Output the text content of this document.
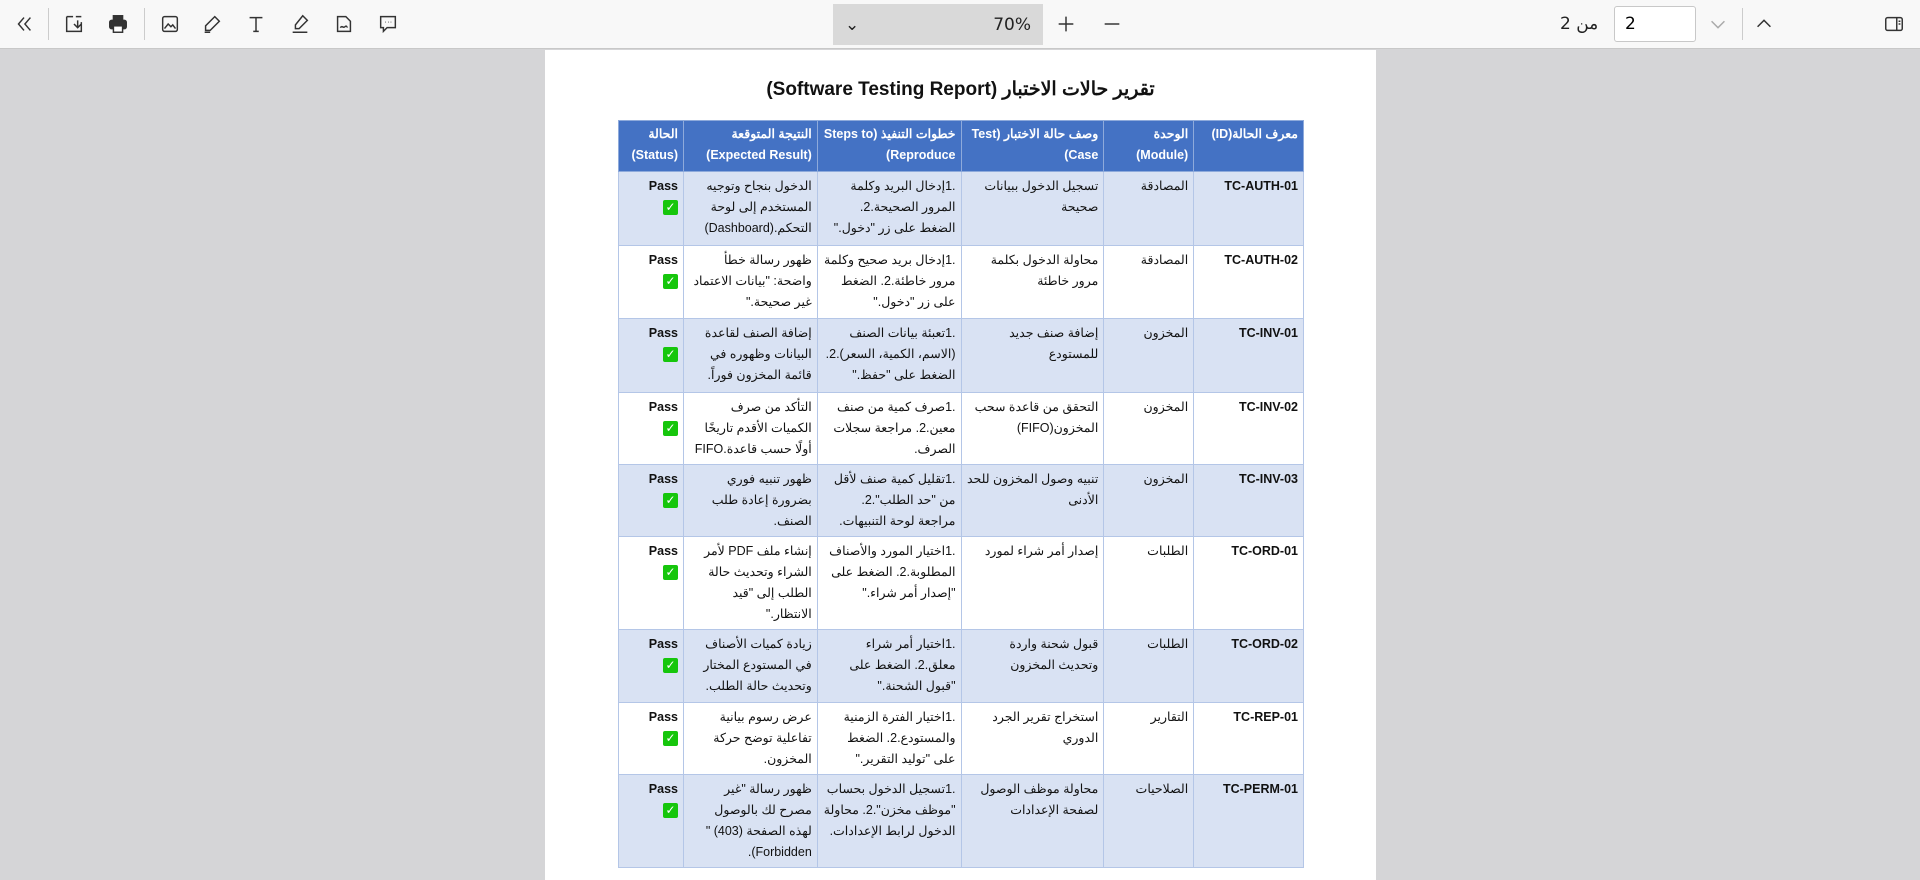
⌄	70%	من 2
2
تقرير حالات الاختبار (Software Testing Report)
معرف الحالة(ID)	الوحدة (Module)	وصف حالة الاختبار (Test Case)	خطوات التنفيذ (Steps to Reproduce)	النتيجة المتوقعة (Expected Result)	الحالة (Status)
TC-AUTH-01	المصادقة	تسجيل الدخول ببيانات صحيحة	.1إدخال البريد وكلمة المرور الصحيحة.2. الضغط على زر "دخول."	الدخول بنجاح وتوجيه المستخدم إلى لوحة التحكم.(Dashboard)	Pass
✓
TC-AUTH-02	المصادقة	محاولة الدخول بكلمة مرور خاطئة	.1إدخال بريد صحيح وكلمة مرور خاطئة.2. الضغط على زر "دخول."	ظهور رسالة خطأ واضحة: "بيانات الاعتماد غير صحيحة."	Pass
✓
TC-INV-01	المخزون	إضافة صنف جديد للمستودع	.1تعبئة بيانات الصنف (الاسم، الكمية، السعر).2. الضغط على "حفظ."	إضافة الصنف لقاعدة البيانات وظهوره في قائمة المخزون فوراً.	Pass
✓
TC-INV-02	المخزون	التحقق من قاعدة سحب المخزون(FIFO)	.1صرف كمية من صنف معين.2. مراجعة سجلات الصرف.	التأكد من صرف الكميات الأقدم تاريخًا أولًا حسب قاعدة.FIFO	Pass
✓
TC-INV-03	المخزون	تنبيه وصول المخزون للحد الأدنى	.1تقليل كمية صنف لأقل من "حد الطلب".2. مراجعة لوحة التنبيهات.	ظهور تنبيه فوري بضرورة إعادة طلب الصنف.	Pass
✓
TC-ORD-01	الطلبات	إصدار أمر شراء لمورد	.1اختيار المورد والأصناف المطلوبة.2. الضغط على "إصدار أمر شراء."	إنشاء ملف PDF لأمر الشراء وتحديث حالة الطلب إلى "قيد الانتظار."	Pass
✓
TC-ORD-02	الطلبات	قبول شحنة واردة وتحديث المخزون	.1اختيار أمر شراء معلق.2. الضغط على "قبول الشحنة."	زيادة كميات الأصناف في المستودع المختار وتحديث حالة الطلب.	Pass
✓
TC-REP-01	التقارير	استخراج تقرير الجرد الدوري	.1اختيار الفترة الزمنية والمستودع.2. الضغط على "توليد التقرير."	عرض رسوم بيانية تفاعلية توضح حركة المخزون.	Pass
✓
TC-PERM-01	الصلاحيات	محاولة موظف الوصول لصفحة الإعدادات	.1تسجيل الدخول بحساب "موظف مخزن".2. محاولة الدخول لرابط الإعدادات.	ظهور رسالة "غير مصرح لك بالوصول لهذه الصفحة (403) " Forbidden).	Pass
✓
